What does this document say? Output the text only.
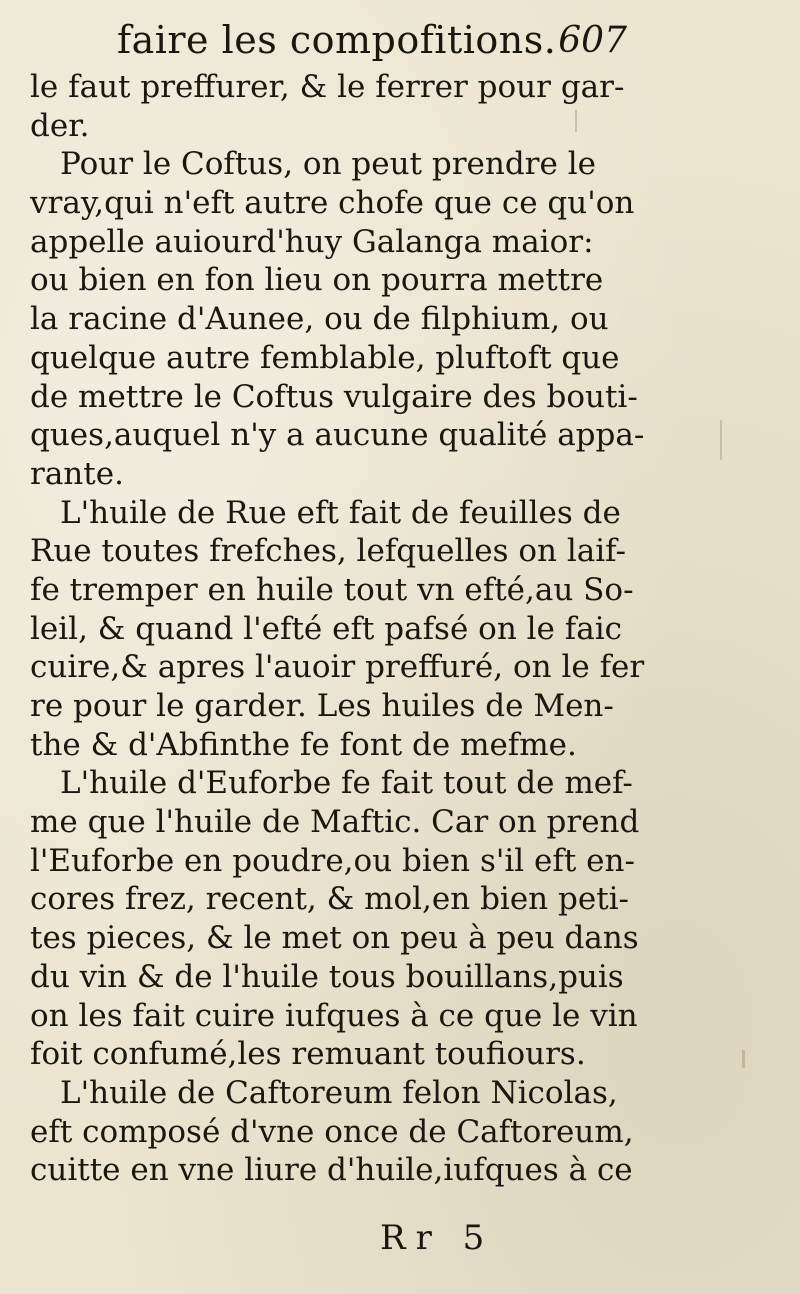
faire les compofitions. 607
le faut preffurer, & le ferrer pour gar-
der.
Pour le Coftus, on peut prendre le
vray,qui n'eft autre chofe que ce qu'on
appelle auiourd'huy Galanga maior:
ou bien en fon lieu on pourra mettre
la racine d'Aunee, ou de filphium, ou
quelque autre femblable, pluftoft que
de mettre le Coftus vulgaire des bouti-
ques,auquel n'y a aucune qualité appa-
rante.
L'huile de Rue eft fait de feuilles de
Rue toutes frefches, lefquelles on laif-
fe tremper en huile tout vn efté,au So-
leil, & quand l'efté eft pafsé on le faic
cuire,& apres l'auoir preffuré, on le fer
re pour le garder. Les huiles de Men-
the & d'Abfinthe fe font de mefme.
L'huile d'Euforbe fe fait tout de mef-
me que l'huile de Maftic. Car on prend
l'Euforbe en poudre,ou bien s'il eft en-
cores frez, recent, & mol,en bien peti-
tes pieces, & le met on peu à peu dans
du vin & de l'huile tous bouillans,puis
on les fait cuire iufques à ce que le vin
foit confumé,les remuant toufiours.
L'huile de Caftoreum felon Nicolas,
eft composé d'vne once de Caftoreum,
cuitte en vne liure d'huile,iufques à ce
Rr 5
